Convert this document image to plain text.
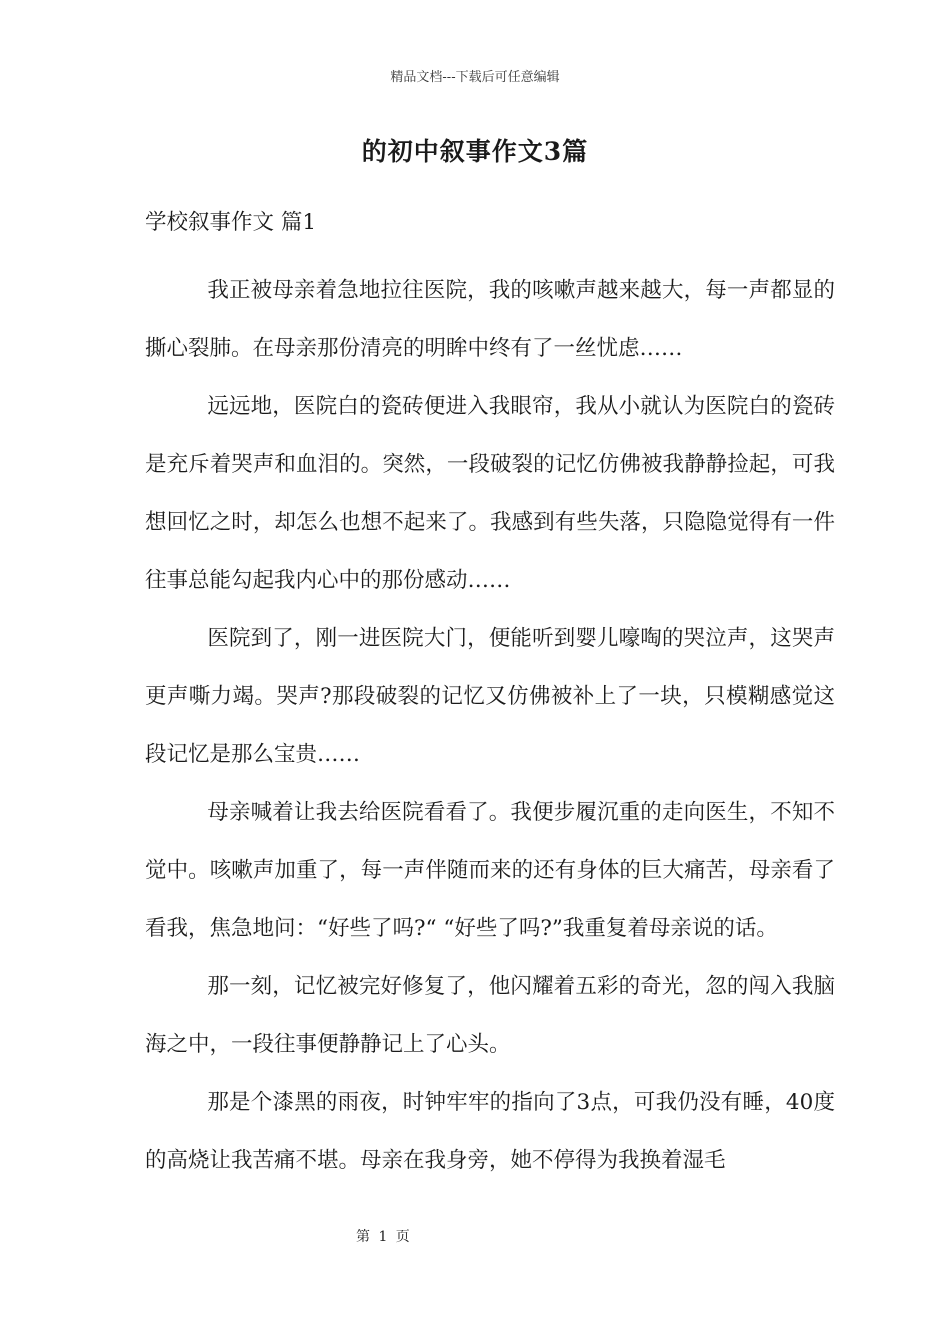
精品文档---下载后可任意编辑
的初中叙事作文3篇

学校叙事作文 篇1

我正被母亲着急地拉往医院，我的咳嗽声越来越大，每一声都显的撕心裂肺。在母亲那份清亮的明眸中终有了一丝忧虑……

远远地，医院白的瓷砖便进入我眼帘，我从小就认为医院白的瓷砖是充斥着哭声和血泪的。突然，一段破裂的记忆仿佛被我静静捡起，可我想回忆之时，却怎么也想不起来了。我感到有些失落，只隐隐觉得有一件往事总能勾起我内心中的那份感动……

医院到了，刚一进医院大门，便能听到婴儿嚎啕的哭泣声，这哭声更声嘶力竭。哭声?那段破裂的记忆又仿佛被补上了一块，只模糊感觉这段记忆是那么宝贵……

母亲喊着让我去给医院看看了。我便步履沉重的走向医生，不知不觉中。咳嗽声加重了，每一声伴随而来的还有身体的巨大痛苦，母亲看了看我，焦急地问：“好些了吗?“ “好些了吗?”我重复着母亲说的话。

那一刻，记忆被完好修复了，他闪耀着五彩的奇光，忽的闯入我脑海之中，一段往事便静静记上了心头。

那是个漆黑的雨夜，时钟牢牢的指向了3点，可我仍没有睡，40度的高烧让我苦痛不堪。母亲在我身旁，她不停得为我换着湿毛

第 1 页
